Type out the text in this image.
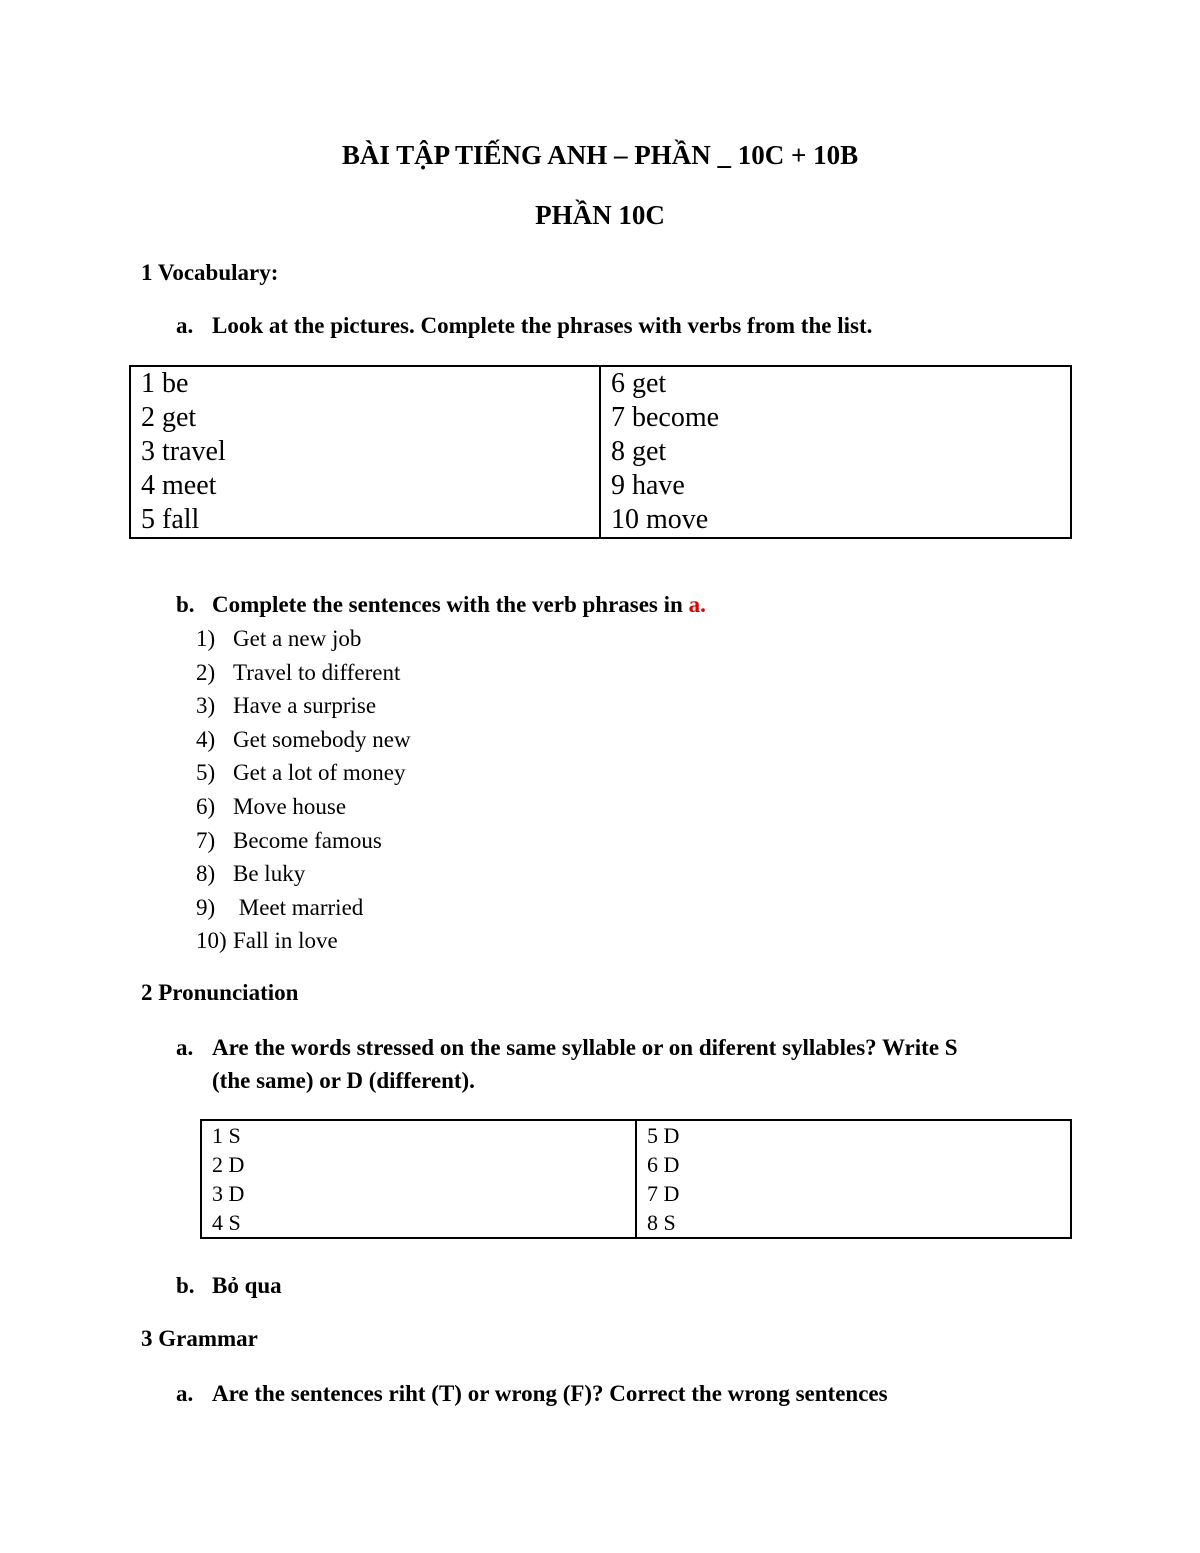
BÀI TẬP TIẾNG ANH – PHẦN _ 10C + 10B
PHẦN 10C
1 Vocabulary:
a. Look at the pictures. Complete the phrases with verbs from the list.
1 be
2 get
3 travel
4 meet
5 fall

6 get
7 become
8 get
9 have
10 move
b. Complete the sentences with the verb phrases in a.
1) Get a new job
2) Travel to different
3) Have a surprise
4) Get somebody new
5) Get a lot of money
6) Move house
7) Become famous
8) Be luky
9) Meet married
10) Fall in love
2 Pronunciation
a. Are the words stressed on the same syllable or on diferent syllables? Write S
(the same) or D (different).
1 S
2 D
3 D
4 S

5 D
6 D
7 D
8 S
b. Bỏ qua
3 Grammar
a. Are the sentences riht (T) or wrong (F)? Correct the wrong sentences
